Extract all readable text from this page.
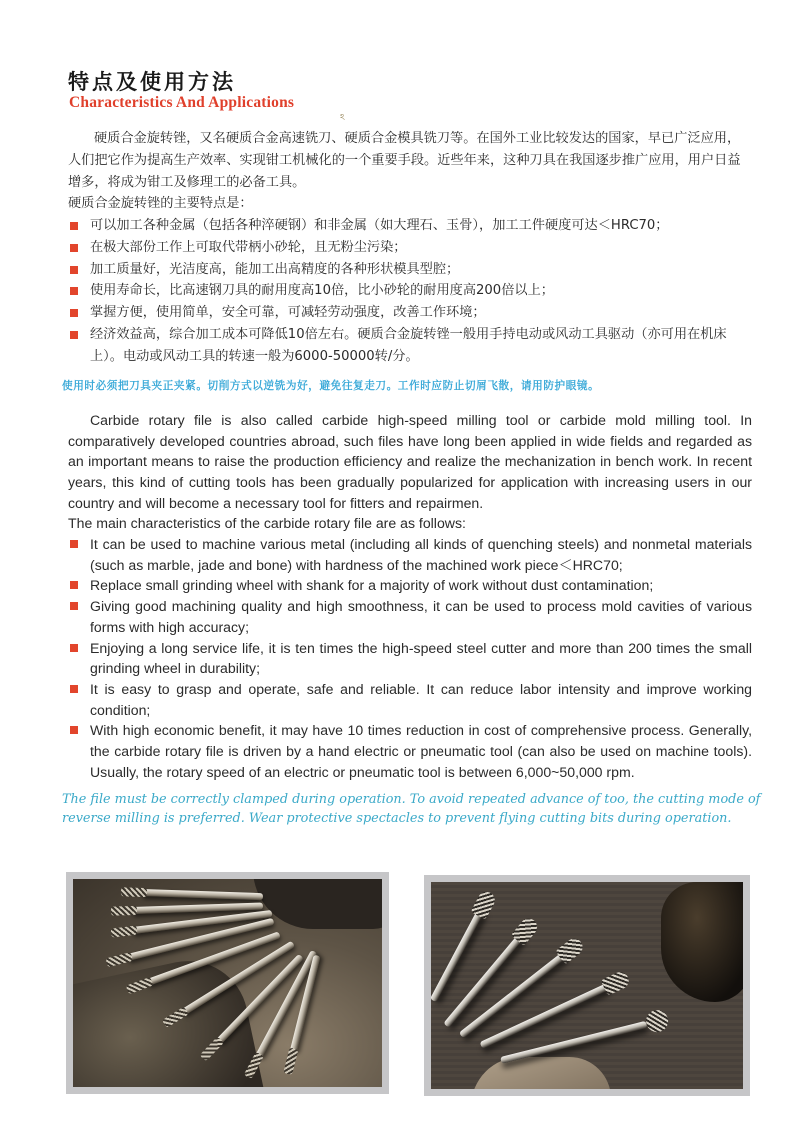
特点及使用方法
Characteristics And Applications
ঽ
硬质合金旋转锉，又名硬质合金高速铣刀、硬质合金模具铣刀等。在国外工业比较发达的国家，早已广泛应用，人们把它作为提高生产效率、实现钳工机械化的一个重要手段。近些年来，这种刀具在我国逐步推广应用，用户日益增多，将成为钳工及修理工的必备工具。
硬质合金旋转锉的主要特点是：
可以加工各种金属（包括各种淬硬钢）和非金属（如大理石、玉骨），加工工件硬度可达＜HRC70；
在极大部份工作上可取代带柄小砂轮，且无粉尘污染；
加工质量好，光洁度高，能加工出高精度的各种形状模具型腔；
使用寿命长，比高速钢刀具的耐用度高10倍，比小砂轮的耐用度高200倍以上；
掌握方便，使用简单，安全可靠，可减轻劳动强度，改善工作环境；
经济效益高，综合加工成本可降低10倍左右。硬质合金旋转锉一般用手持电动或风动工具驱动（亦可用在机床上）。电动或风动工具的转速一般为6000-50000转/分。
使用时必须把刀具夹正夹紧。切削方式以逆铣为好，避免往复走刀。工作时应防止切屑飞散，请用防护眼镜。
Carbide rotary file is also called carbide high-speed milling tool or carbide mold milling tool. In comparatively developed countries abroad, such files have long been applied in wide fields and regarded as an important means to raise the production efficiency and realize the mechanization in bench work. In recent years, this kind of cutting tools has been gradually popularized for application with increasing users in our country and will become a necessary tool for fitters and repairmen.
The main characteristics of the carbide rotary file are as follows:
It can be used to machine various metal (including all kinds of quenching steels) and nonmetal materials (such as marble, jade and bone) with hardness of the machined work piece＜HRC70;
Replace small grinding wheel with shank for a majority of work without dust contamination;
Giving good machining quality and high smoothness, it can be used to process mold cavities of various forms with high accuracy;
Enjoying a long service life, it is ten times the high-speed steel cutter and more than 200 times the small grinding wheel in durability;
It is easy to grasp and operate, safe and reliable. It can reduce labor intensity and improve working condition;
With high economic benefit, it may have 10 times reduction in cost of comprehensive process. Generally, the carbide rotary file is driven by a hand electric or pneumatic tool (can also be used on machine tools). Usually, the rotary speed of an electric or pneumatic tool is between 6,000~50,000 rpm.
The file must be correctly clamped during operation. To avoid repeated advance of too, the cutting mode of reverse milling is preferred. Wear protective spectacles to prevent flying cutting bits during operation.
